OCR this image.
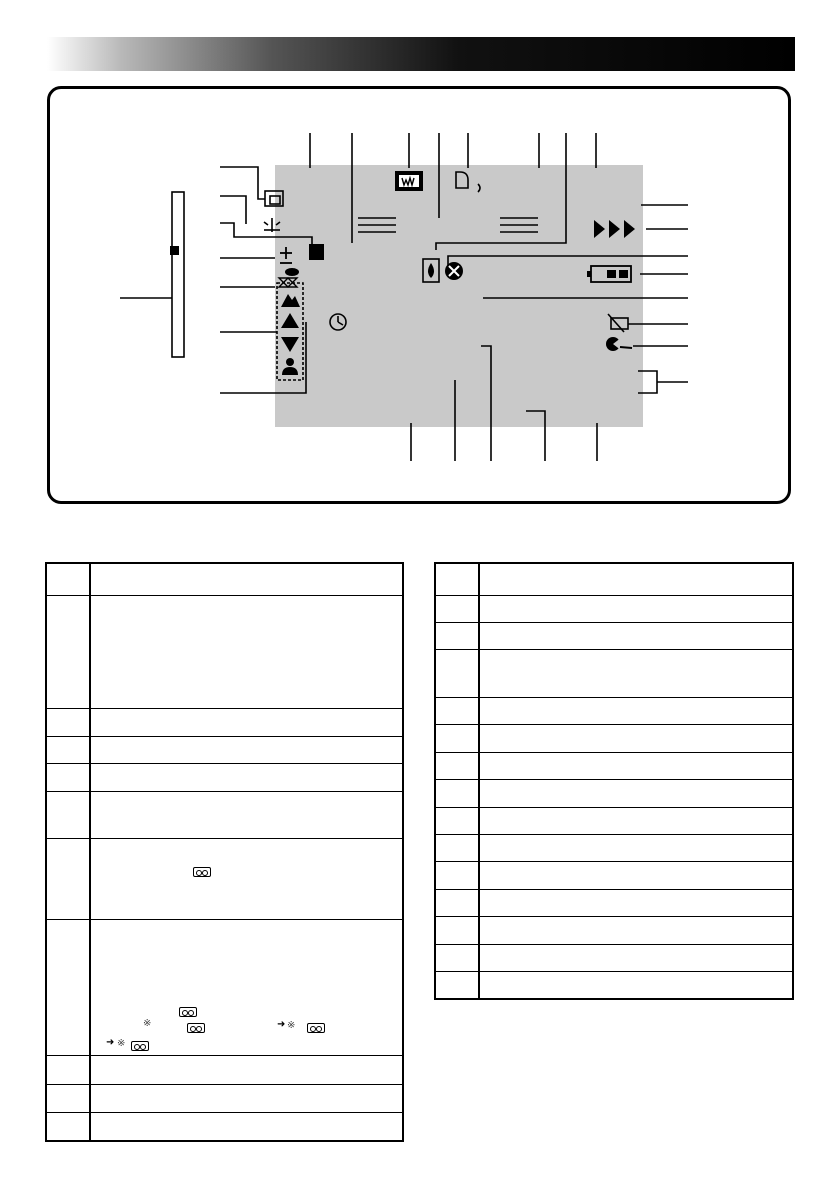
※	➜ ※
➜ ※
